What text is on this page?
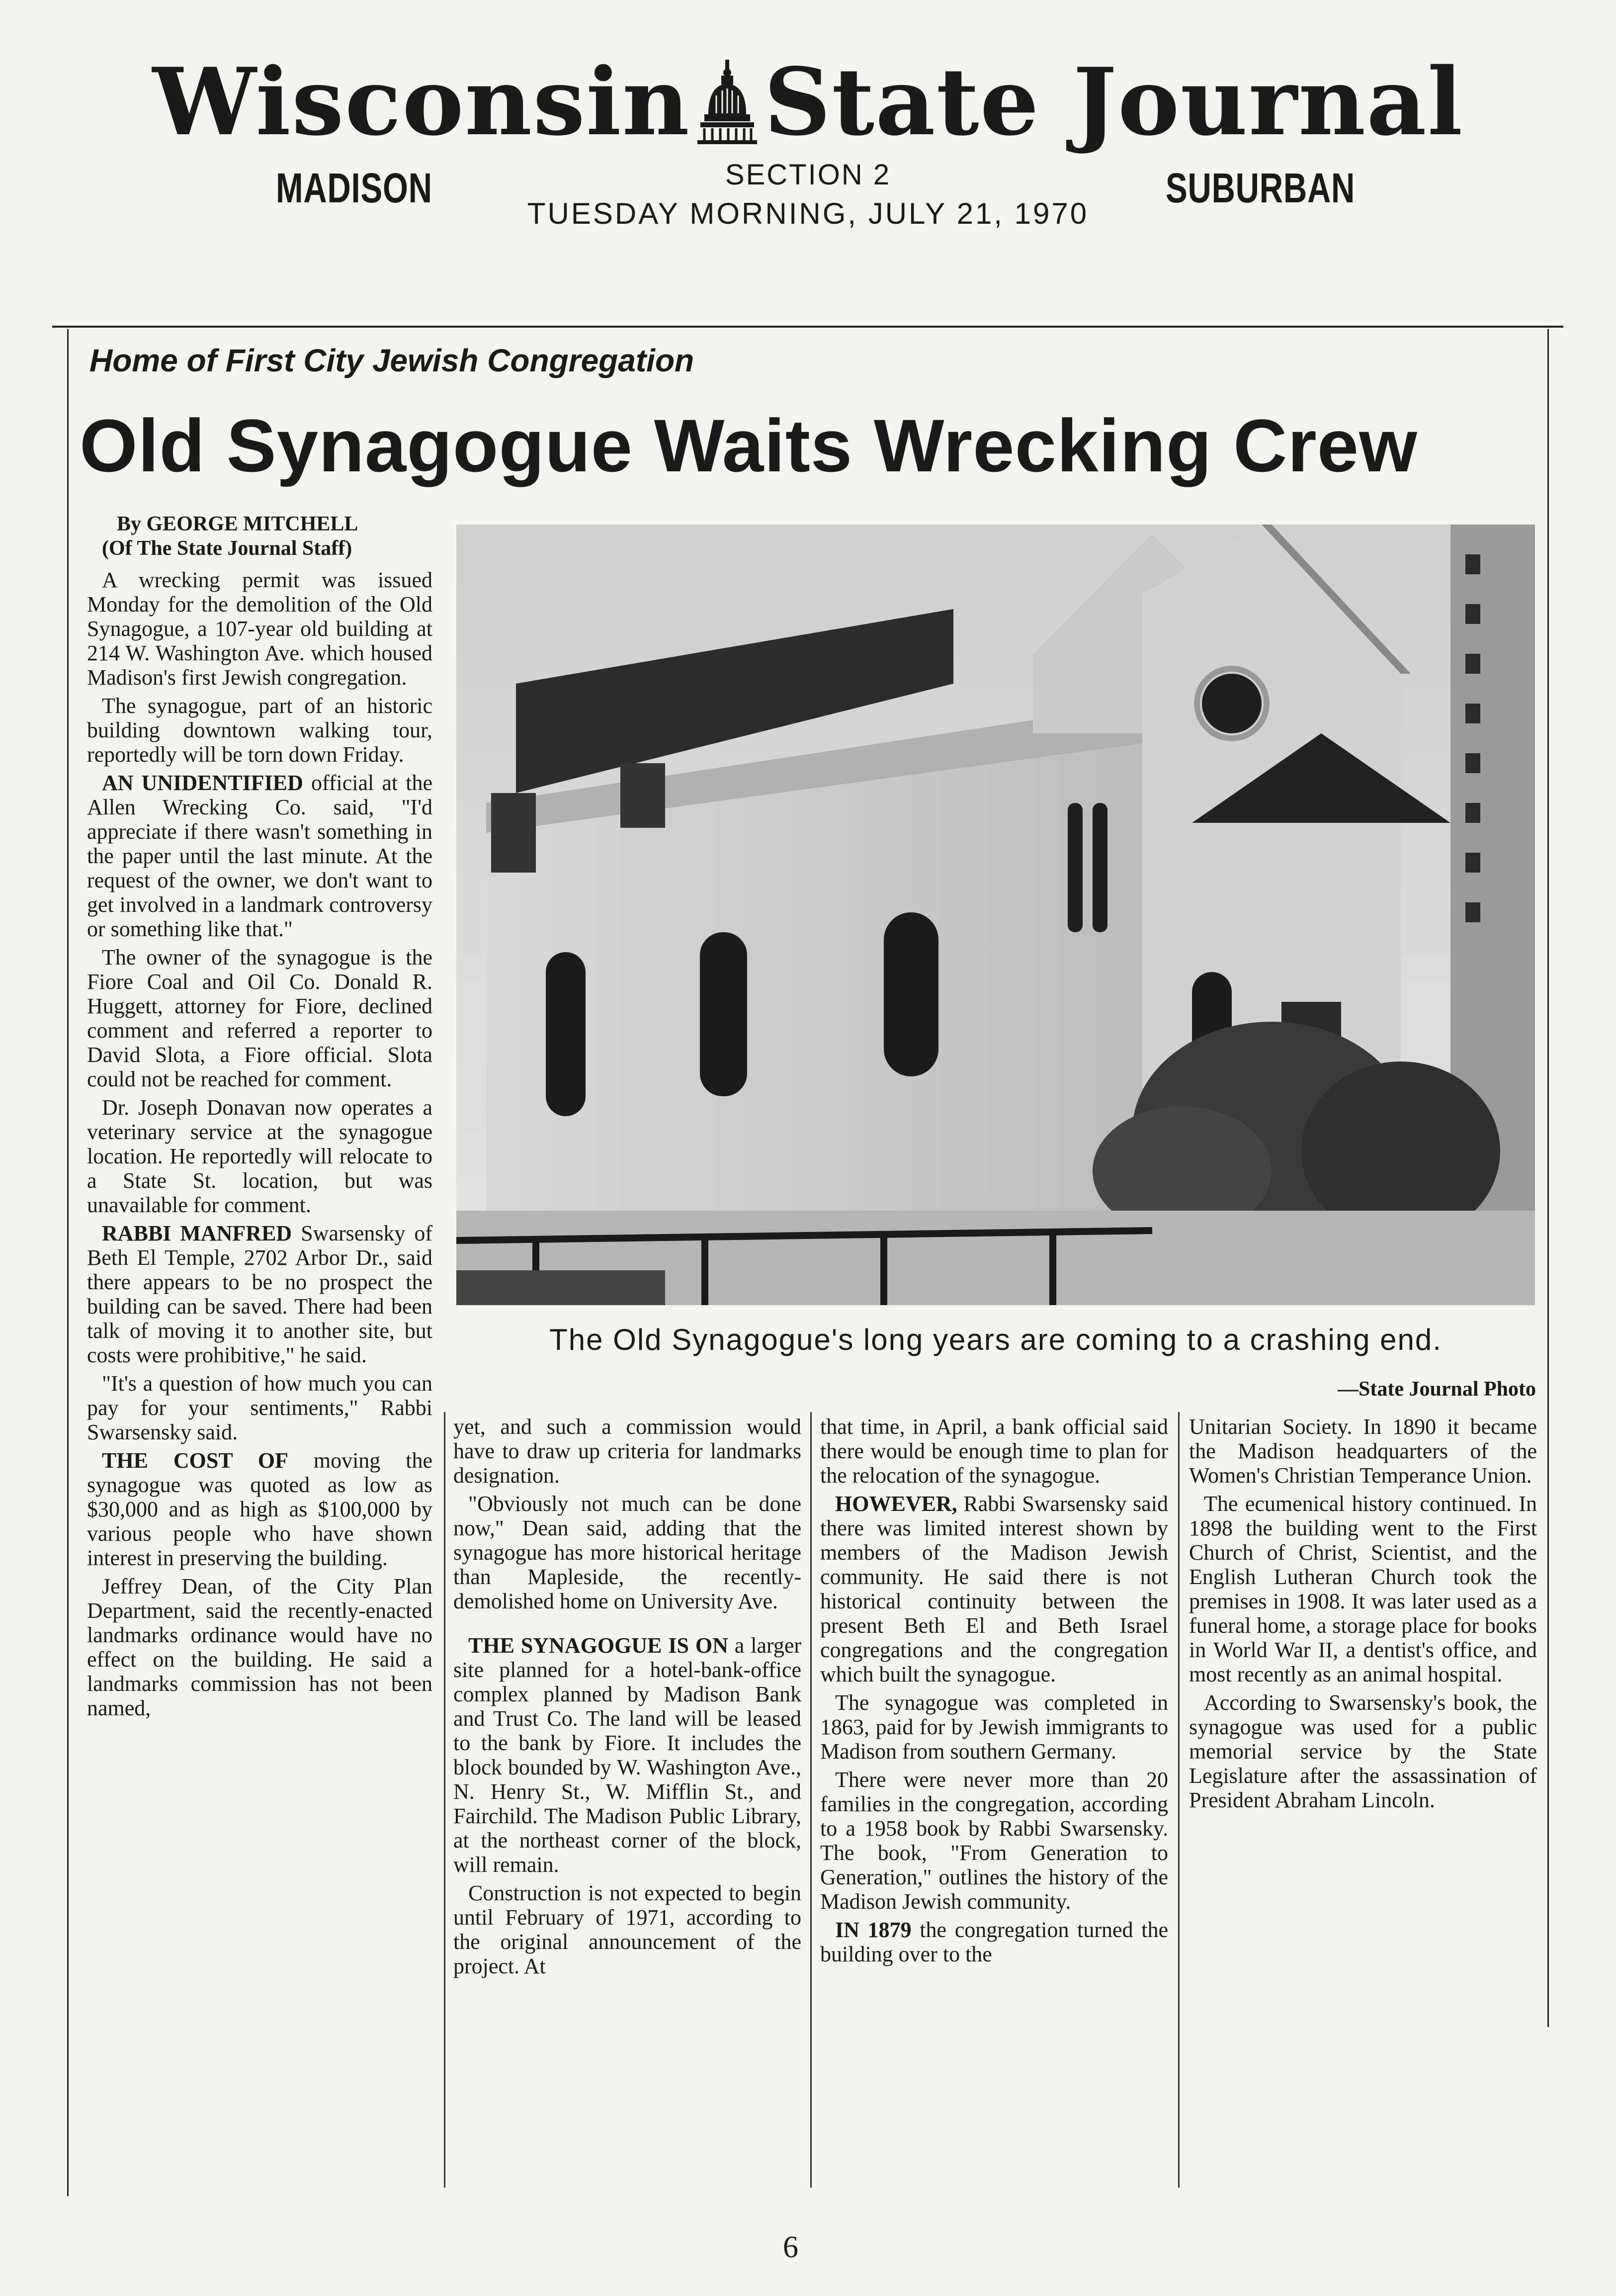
Wisconsin State Journal
MADISON	SUBURBAN
SECTION 2
TUESDAY MORNING, JULY 21, 1970
Home of First City Jewish Congregation
Old Synagogue Waits Wrecking Crew
The Old Synagogue's long years are coming to a crashing end.
—State Journal Photo

By GEORGE MITCHELL

(Of The State Journal Staff)

A wrecking permit was issued Monday for the demolition of the Old Synagogue, a 107-year old building at 214 W. Washington Ave. which housed Madison's first Jewish congregation.

The synagogue, part of an historic building downtown walking tour, reportedly will be torn down Friday.

AN UNIDENTIFIED official at the Allen Wrecking Co. said, "I'd appreciate if there wasn't something in the paper until the last minute. At the request of the owner, we don't want to get involved in a landmark controversy or something like that."

The owner of the synagogue is the Fiore Coal and Oil Co. Donald R. Huggett, attorney for Fiore, declined comment and referred a reporter to David Slota, a Fiore official. Slota could not be reached for comment.

Dr. Joseph Donavan now operates a veterinary service at the synagogue location. He reportedly will relocate to a State St. location, but was unavailable for comment.

RABBI MANFRED Swarsensky of Beth El Temple, 2702 Arbor Dr., said there appears to be no prospect the building can be saved. There had been talk of moving it to another site, but costs were prohibitive," he said.

"It's a question of how much you can pay for your sentiments," Rabbi Swarsensky said.

THE COST OF moving the synagogue was quoted as low as $30,000 and as high as $100,000 by various people who have shown interest in preserving the building.

Jeffrey Dean, of the City Plan Department, said the recently-enacted landmarks ordinance would have no effect on the building. He said a landmarks commission has not been named,

yet, and such a commission would have to draw up criteria for landmarks designation.

"Obviously not much can be done now," Dean said, adding that the synagogue has more historical heritage than Mapleside, the recently-demolished home on University Ave.

THE SYNAGOGUE IS ON a larger site planned for a hotel-bank-office complex planned by Madison Bank and Trust Co. The land will be leased to the bank by Fiore. It includes the block bounded by W. Washington Ave., N. Henry St., W. Mifflin St., and Fairchild. The Madison Public Library, at the northeast corner of the block, will remain.

Construction is not expected to begin until February of 1971, according to the original announcement of the project. At

that time, in April, a bank official said there would be enough time to plan for the relocation of the synagogue.

HOWEVER, Rabbi Swarsensky said there was limited interest shown by members of the Madison Jewish community. He said there is not historical continuity between the present Beth El and Beth Israel congregations and the congregation which built the synagogue.

The synagogue was completed in 1863, paid for by Jewish immigrants to Madison from southern Germany.

There were never more than 20 families in the congregation, according to a 1958 book by Rabbi Swarsensky. The book, "From Generation to Generation," outlines the history of the Madison Jewish community.

IN 1879 the congregation turned the building over to the

Unitarian Society. In 1890 it became the Madison headquarters of the Women's Christian Temperance Union.

The ecumenical history continued. In 1898 the building went to the First Church of Christ, Scientist, and the English Lutheran Church took the premises in 1908. It was later used as a funeral home, a storage place for books in World War II, a dentist's office, and most recently as an animal hospital.

According to Swarsensky's book, the synagogue was used for a public memorial service by the State Legislature after the assassination of President Abraham Lincoln.

6
